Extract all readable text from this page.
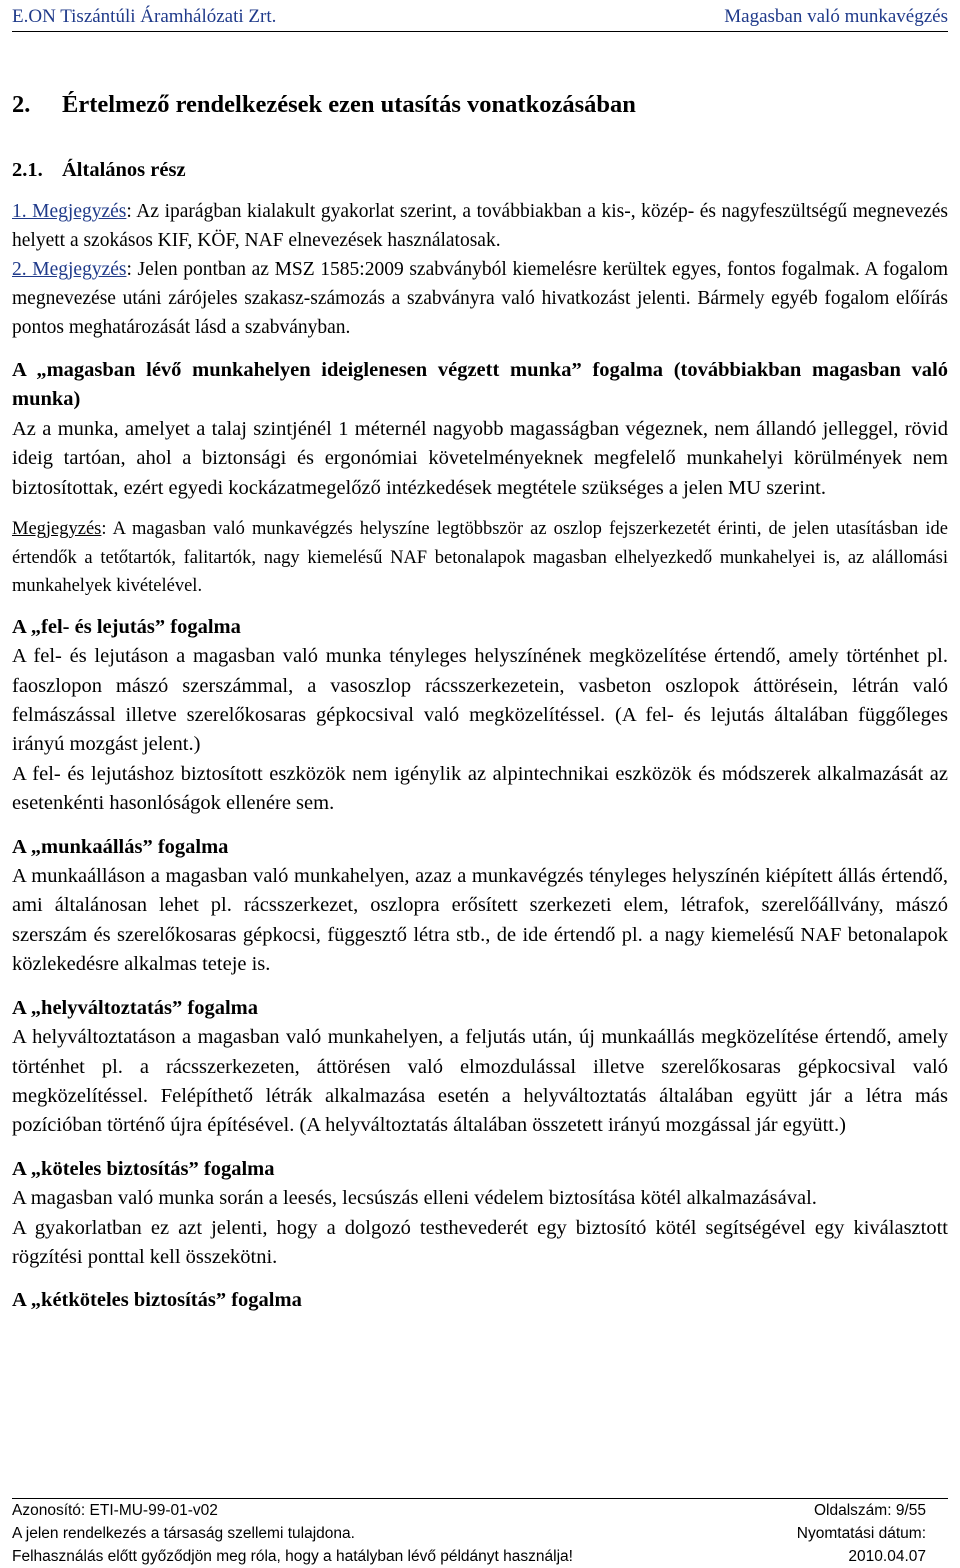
E.ON Tiszántúli Áramhálózati Zrt.	Magasban való munkavégzés
2. Értelmező rendelkezések ezen utasítás vonatkozásában
2.1. Általános rész

1. Megjegyzés: Az iparágban kialakult gyakorlat szerint, a továbbiakban a kis-, közép- és nagyfeszültségű megnevezés helyett a szokásos KIF, KÖF, NAF elnevezések használatosak.

2. Megjegyzés: Jelen pontban az MSZ 1585:2009 szabványból kiemelésre kerültek egyes, fontos fogalmak. A fogalom megnevezése utáni zárójeles szakasz-számozás a szabványra való hivatkozást jelenti. Bármely egyéb fogalom előírás pontos meghatározását lásd a szabványban.

A „magasban lévő munkahelyen ideiglenesen végzett munka” fogalma (továbbiakban magasban való munka)
Az a munka, amelyet a talaj szintjénél 1 méternél nagyobb magasságban végeznek, nem állandó jelleggel, rövid ideig tartóan, ahol a biztonsági és ergonómiai követelményeknek megfelelő munkahelyi körülmények nem biztosítottak, ezért egyedi kockázatmegelőző intézkedések megtétele szükséges a jelen MU szerint.

Megjegyzés: A magasban való munkavégzés helyszíne legtöbbször az oszlop fejszerkezetét érinti, de jelen utasításban ide értendők a tetőtartók, falitartók, nagy kiemelésű NAF betonalapok magasban elhelyezkedő munkahelyei is, az alállomási munkahelyek kivételével.

A „fel- és lejutás” fogalma
A fel- és lejutáson a magasban való munka tényleges helyszínének megközelítése értendő, amely történhet pl. faoszlopon mászó szerszámmal, a vasoszlop rácsszerkezetein, vasbeton oszlopok áttörésein, létrán való felmászással illetve szerelőkosaras gépkocsival való megközelítéssel. (A fel- és lejutás általában függőleges irányú mozgást jelent.)
A fel- és lejutáshoz biztosított eszközök nem igénylik az alpintechnikai eszközök és módszerek alkalmazását az esetenkénti hasonlóságok ellenére sem.
A „munkaállás” fogalma
A munkaálláson a magasban való munkahelyen, azaz a munkavégzés tényleges helyszínén kiépített állás értendő, ami általánosan lehet pl. rácsszerkezet, oszlopra erősített szerkezeti elem, létrafok, szerelőállvány, mászó szerszám és szerelőkosaras gépkocsi, függesztő létra stb., de ide értendő pl. a nagy kiemelésű NAF betonalapok közlekedésre alkalmas teteje is.
A „helyváltoztatás” fogalma
A helyváltoztatáson a magasban való munkahelyen, a feljutás után, új munkaállás megközelítése értendő, amely történhet pl. a rácsszerkezeten, áttörésen való elmozdulással illetve szerelőkosaras gépkocsival való megközelítéssel. Felépíthető létrák alkalmazása esetén a helyváltoztatás általában együtt jár a létra más pozícióban történő újra építésével. (A helyváltoztatás általában összetett irányú mozgással jár együtt.)
A „köteles biztosítás” fogalma
A magasban való munka során a leesés, lecsúszás elleni védelem biztosítása kötél alkalmazásával.
A gyakorlatban ez azt jelenti, hogy a dolgozó testhevederét egy biztosító kötél segítségével egy kiválasztott rögzítési ponttal kell összekötni.
A „kétköteles biztosítás” fogalma
Azonosító: ETI-MU-99-01-v02	Oldalszám: 9/55
A jelen rendelkezés a társaság szellemi tulajdona.	Nyomtatási dátum:
Felhasználás előtt győződjön meg róla, hogy a hatályban lévő példányt használja!	2010.04.07
